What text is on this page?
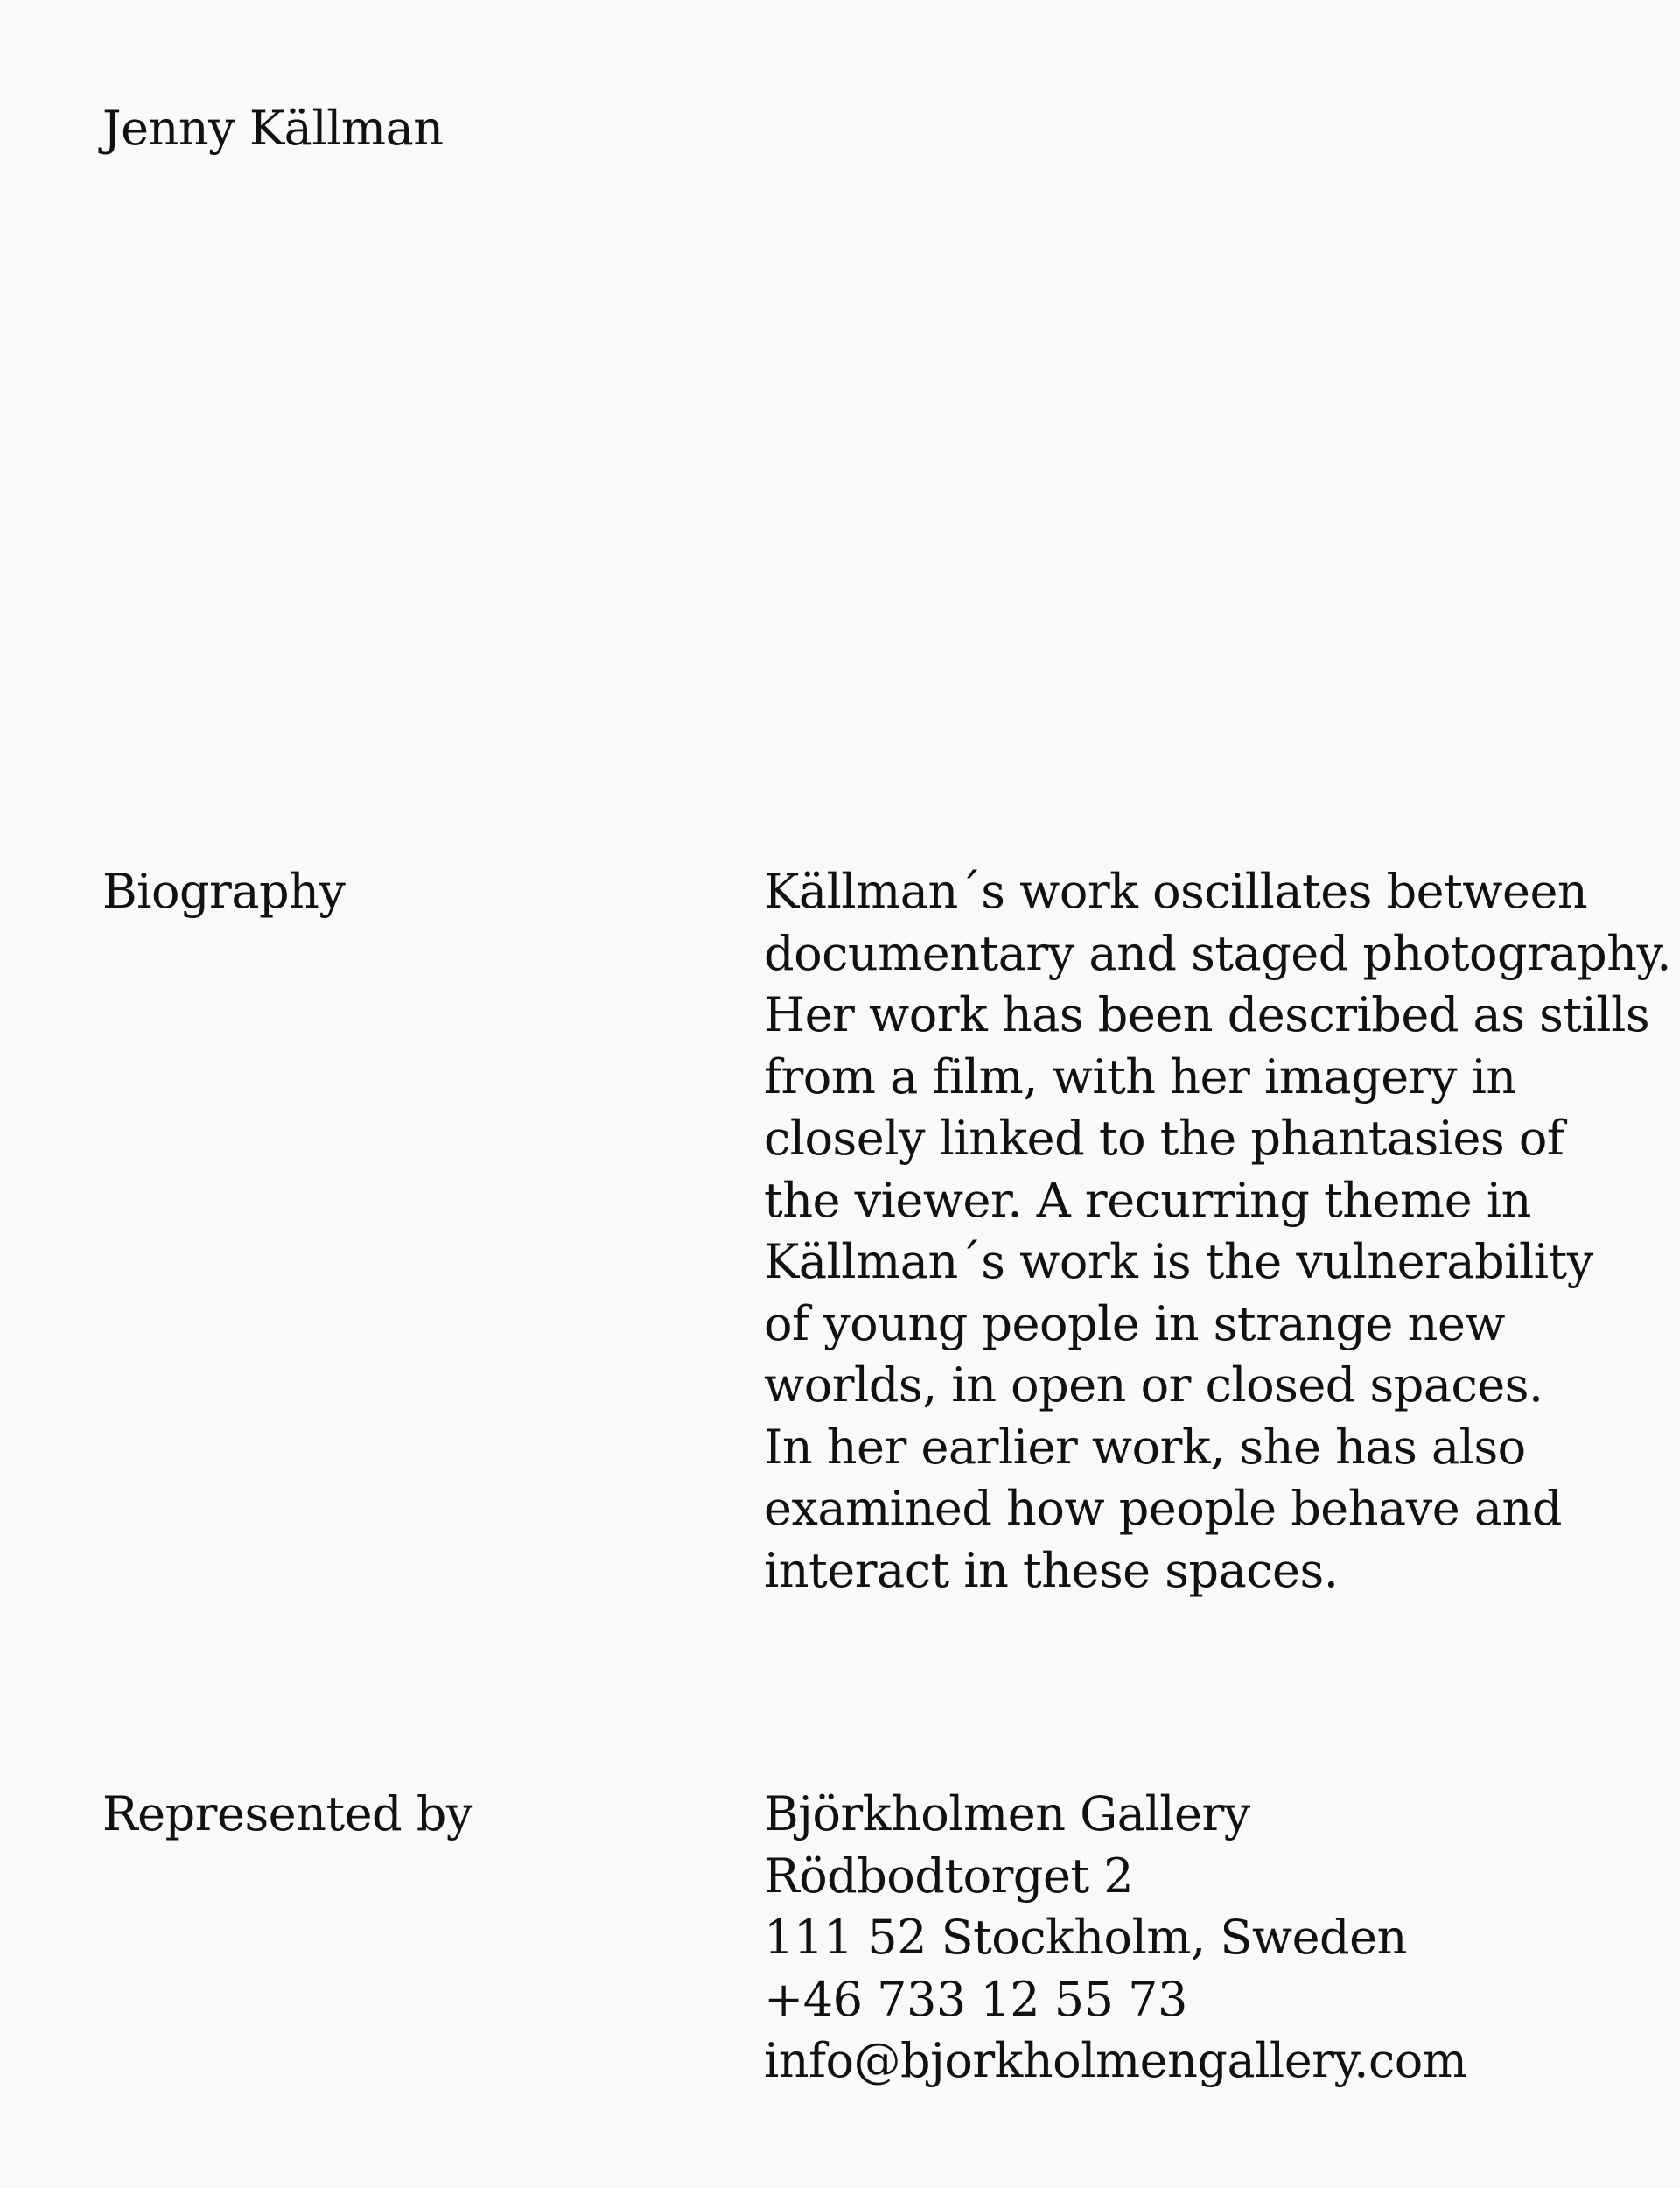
Jenny Källman
Biography	Källman´s work oscillates between
documentary and staged photography.
Her work has been described as stills
from a film, with her imagery in
closely linked to the phantasies of
the viewer. A recurring theme in
Källman´s work is the vulnerability
of young people in strange new
worlds, in open or closed spaces.
In her earlier work, she has also
examined how people behave and
interact in these spaces.
Represented by	Björkholmen Gallery
Rödbodtorget 2
111 52 Stockholm, Sweden
+46 733 12 55 73
info@bjorkholmengallery.com
